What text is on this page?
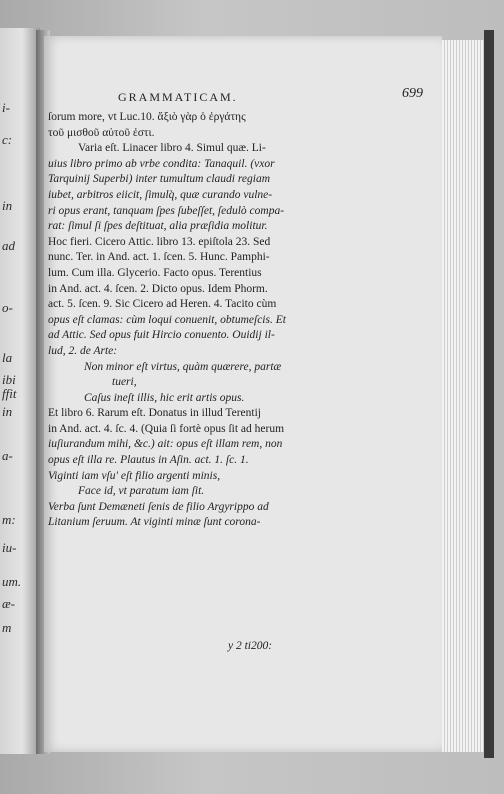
i-
c:
in
ad
o-
la
ibi
ffit
in
a-
m:
iu-
um.
æ-
m
GRAMMATICAM.	699
ſorum more, vt Luc.10. ἄξιὸ γὰρ ὁ ἐργάτης
τοῦ μισθοῦ αὐτοῦ ἐστι.
Varia eſt. Linacer libro 4. Simul quæ. Li-
uius libro primo ab vrbe condita: Tanaquil. (vxor
Tarquinij Superbi) inter tumultum claudi regiam
iubet, arbitros eiicit, ſimulq̀, quæ curando vulne-
ri opus erant, tanquam ſpes ſubeſſet, ſedulò compa-
rat: ſimul ſi ſpes deſtituat, alia præſidia molitur.
Hoc fieri. Cicero Attic. libro 13. epiſtola 23. Sed
nunc. Ter. in And. act. 1. ſcen. 5. Hunc. Pamphi-
lum. Cum illa. Glycerio. Facto opus. Terentius
in And. act. 4. ſcen. 2. Dicto opus. Idem Phorm.
act. 5. ſcen. 9. Sic Cicero ad Heren. 4. Tacito cùm
opus eſt clamas: cùm loqui conuenit, obtumeſcis. Et
ad Attic. Sed opus fuit Hircio conuento. Ouidij il-
lud, 2. de Arte:
Non minor eſt virtus, quàm quærere, partæ
tueri,
Caſus ineſt illis, hic erit artis opus.
Et libro 6. Rarum eſt. Donatus in illud Terentij
in And. act. 4. ſc. 4. (Quia ſi fortè opus ſit ad herum
iuſiurandum mihi, &c.) ait: opus eſt illam rem, non
opus eſt illa re. Plautus in Aſin. act. 1. ſc. 1.
Viginti iam vſu' eſt filio argenti minis,
Face id, vt paratum iam ſit.
Verba ſunt Demæneti ſenis de filio Argyrippo ad
Litanium ſeruum. At viginti minæ ſunt corona-
y 2 ti200:
